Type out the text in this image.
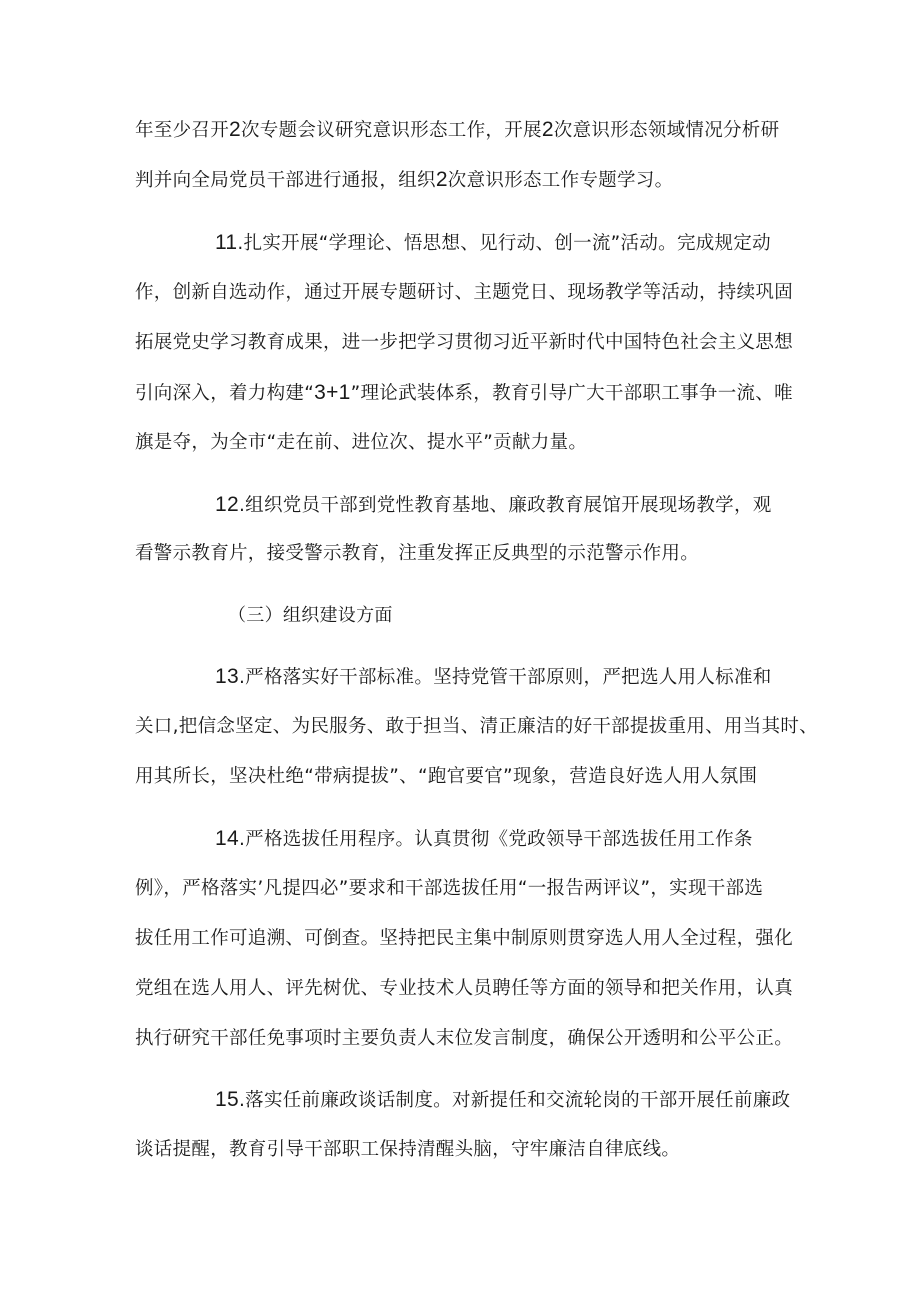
年至少召开2次专题会议研究意识形态工作，开展2次意识形态领域情况分析研
判并向全局党员干部进行通报，组织2次意识形态工作专题学习。
11.扎实开展“学理论、悟思想、见行动、创一流”活动。完成规定动
作，创新自选动作，通过开展专题研讨、主题党日、现场教学等活动，持续巩固
拓展党史学习教育成果，进一步把学习贯彻习近平新时代中国特色社会主义思想
引向深入，着力构建“3+1”理论武装体系，教育引导广大干部职工事争一流、唯
旗是夺，为全市“走在前、进位次、提水平”贡献力量。
12.组织党员干部到党性教育基地、廉政教育展馆开展现场教学，观
看警示教育片，接受警示教育，注重发挥正反典型的示范警示作用。
（三）组织建设方面
13.严格落实好干部标准。坚持党管干部原则，严把选人用人标准和
关口,把信念坚定、为民服务、敢于担当、清正廉洁的好干部提拔重用、用当其时、
用其所长，坚决杜绝“带病提拔”、“跑官要官”现象，营造良好选人用人氛围
14.严格选拔任用程序。认真贯彻《党政领导干部选拔任用工作条
例》，严格落实’凡提四必”要求和干部选拔任用“一报告两评议”，实现干部选
拔任用工作可追溯、可倒查。坚持把民主集中制原则贯穿选人用人全过程，强化
党组在选人用人、评先树优、专业技术人员聘任等方面的领导和把关作用，认真
执行研究干部任免事项时主要负责人末位发言制度，确保公开透明和公平公正。
15.落实任前廉政谈话制度。对新提任和交流轮岗的干部开展任前廉政
谈话提醒，教育引导干部职工保持清醒头脑，守牢廉洁自律底线。
